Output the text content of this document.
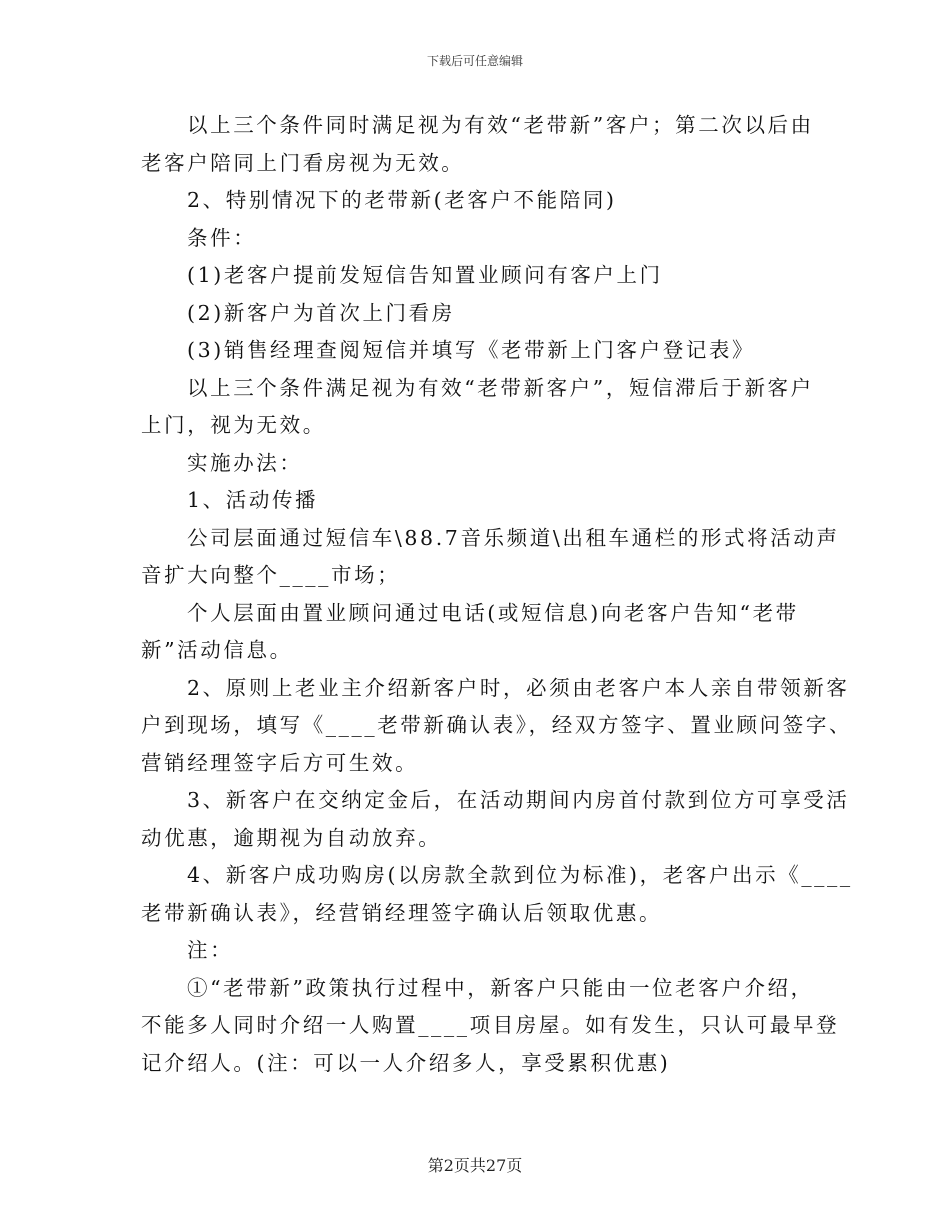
下载后可任意编辑
以上三个条件同时满足视为有效“老带新”客户；第二次以后由
老客户陪同上门看房视为无效。
2、特别情况下的老带新(老客户不能陪同)
条件：
(1)老客户提前发短信告知置业顾问有客户上门
(2)新客户为首次上门看房
(3)销售经理查阅短信并填写《老带新上门客户登记表》
以上三个条件满足视为有效“老带新客户”，短信滞后于新客户
上门，视为无效。
实施办法：
1、活动传播
公司层面通过短信车\88.7音乐频道\出租车通栏的形式将活动声
音扩大向整个____市场；
个人层面由置业顾问通过电话(或短信息)向老客户告知“老带
新”活动信息。
2、原则上老业主介绍新客户时，必须由老客户本人亲自带领新客
户到现场，填写《____老带新确认表》，经双方签字、置业顾问签字、
营销经理签字后方可生效。
3、新客户在交纳定金后，在活动期间内房首付款到位方可享受活
动优惠，逾期视为自动放弃。
4、新客户成功购房(以房款全款到位为标准)，老客户出示《____
老带新确认表》，经营销经理签字确认后领取优惠。
注：
①“老带新”政策执行过程中，新客户只能由一位老客户介绍，
不能多人同时介绍一人购置____项目房屋。如有发生，只认可最早登
记介绍人。(注：可以一人介绍多人，享受累积优惠)
第2页共27页
